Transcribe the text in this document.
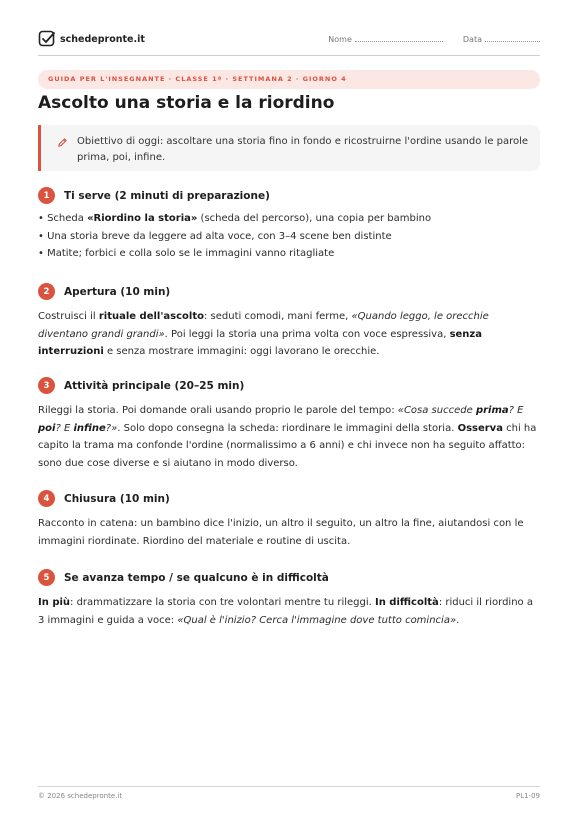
schedepronte.it	Nome	Data
GUIDA PER L'INSEGNANTE · CLASSE 1ª · SETTIMANA 2 · GIORNO 4
Ascolto una storia e la riordino

Obiettivo di oggi: ascoltare una storia fino in fondo e ricostruirne l'ordine usando le parole prima, poi, infine.

1	Ti serve (2 minuti di preparazione)
• Scheda «Riordino la storia» (scheda del percorso), una copia per bambino
• Una storia breve da leggere ad alta voce, con 3–4 scene ben distinte
• Matite; forbici e colla solo se le immagini vanno ritagliate
2	Apertura (10 min)

Costruisci il rituale dell'ascolto: seduti comodi, mani ferme, «Quando leggo, le orecchie diventano grandi grandi». Poi leggi la storia una prima volta con voce espressiva, senza interruzioni e senza mostrare immagini: oggi lavorano le orecchie.

3	Attività principale (20–25 min)

Rileggi la storia. Poi domande orali usando proprio le parole del tempo: «Cosa succede prima? E poi? E infine?». Solo dopo consegna la scheda: riordinare le immagini della storia. Osserva chi ha capito la trama ma confonde l'ordine (normalissimo a 6 anni) e chi invece non ha seguito affatto: sono due cose diverse e si aiutano in modo diverso.

4	Chiusura (10 min)

Racconto in catena: un bambino dice l'inizio, un altro il seguito, un altro la fine, aiutandosi con le immagini riordinate. Riordino del materiale e routine di uscita.

5	Se avanza tempo / se qualcuno è in difficoltà

In più: drammatizzare la storia con tre volontari mentre tu rileggi. In difficoltà: riduci il riordino a 3 immagini e guida a voce: «Qual è l'inizio? Cerca l'immagine dove tutto comincia».

© 2026 schedepronte.it	PL1-09
